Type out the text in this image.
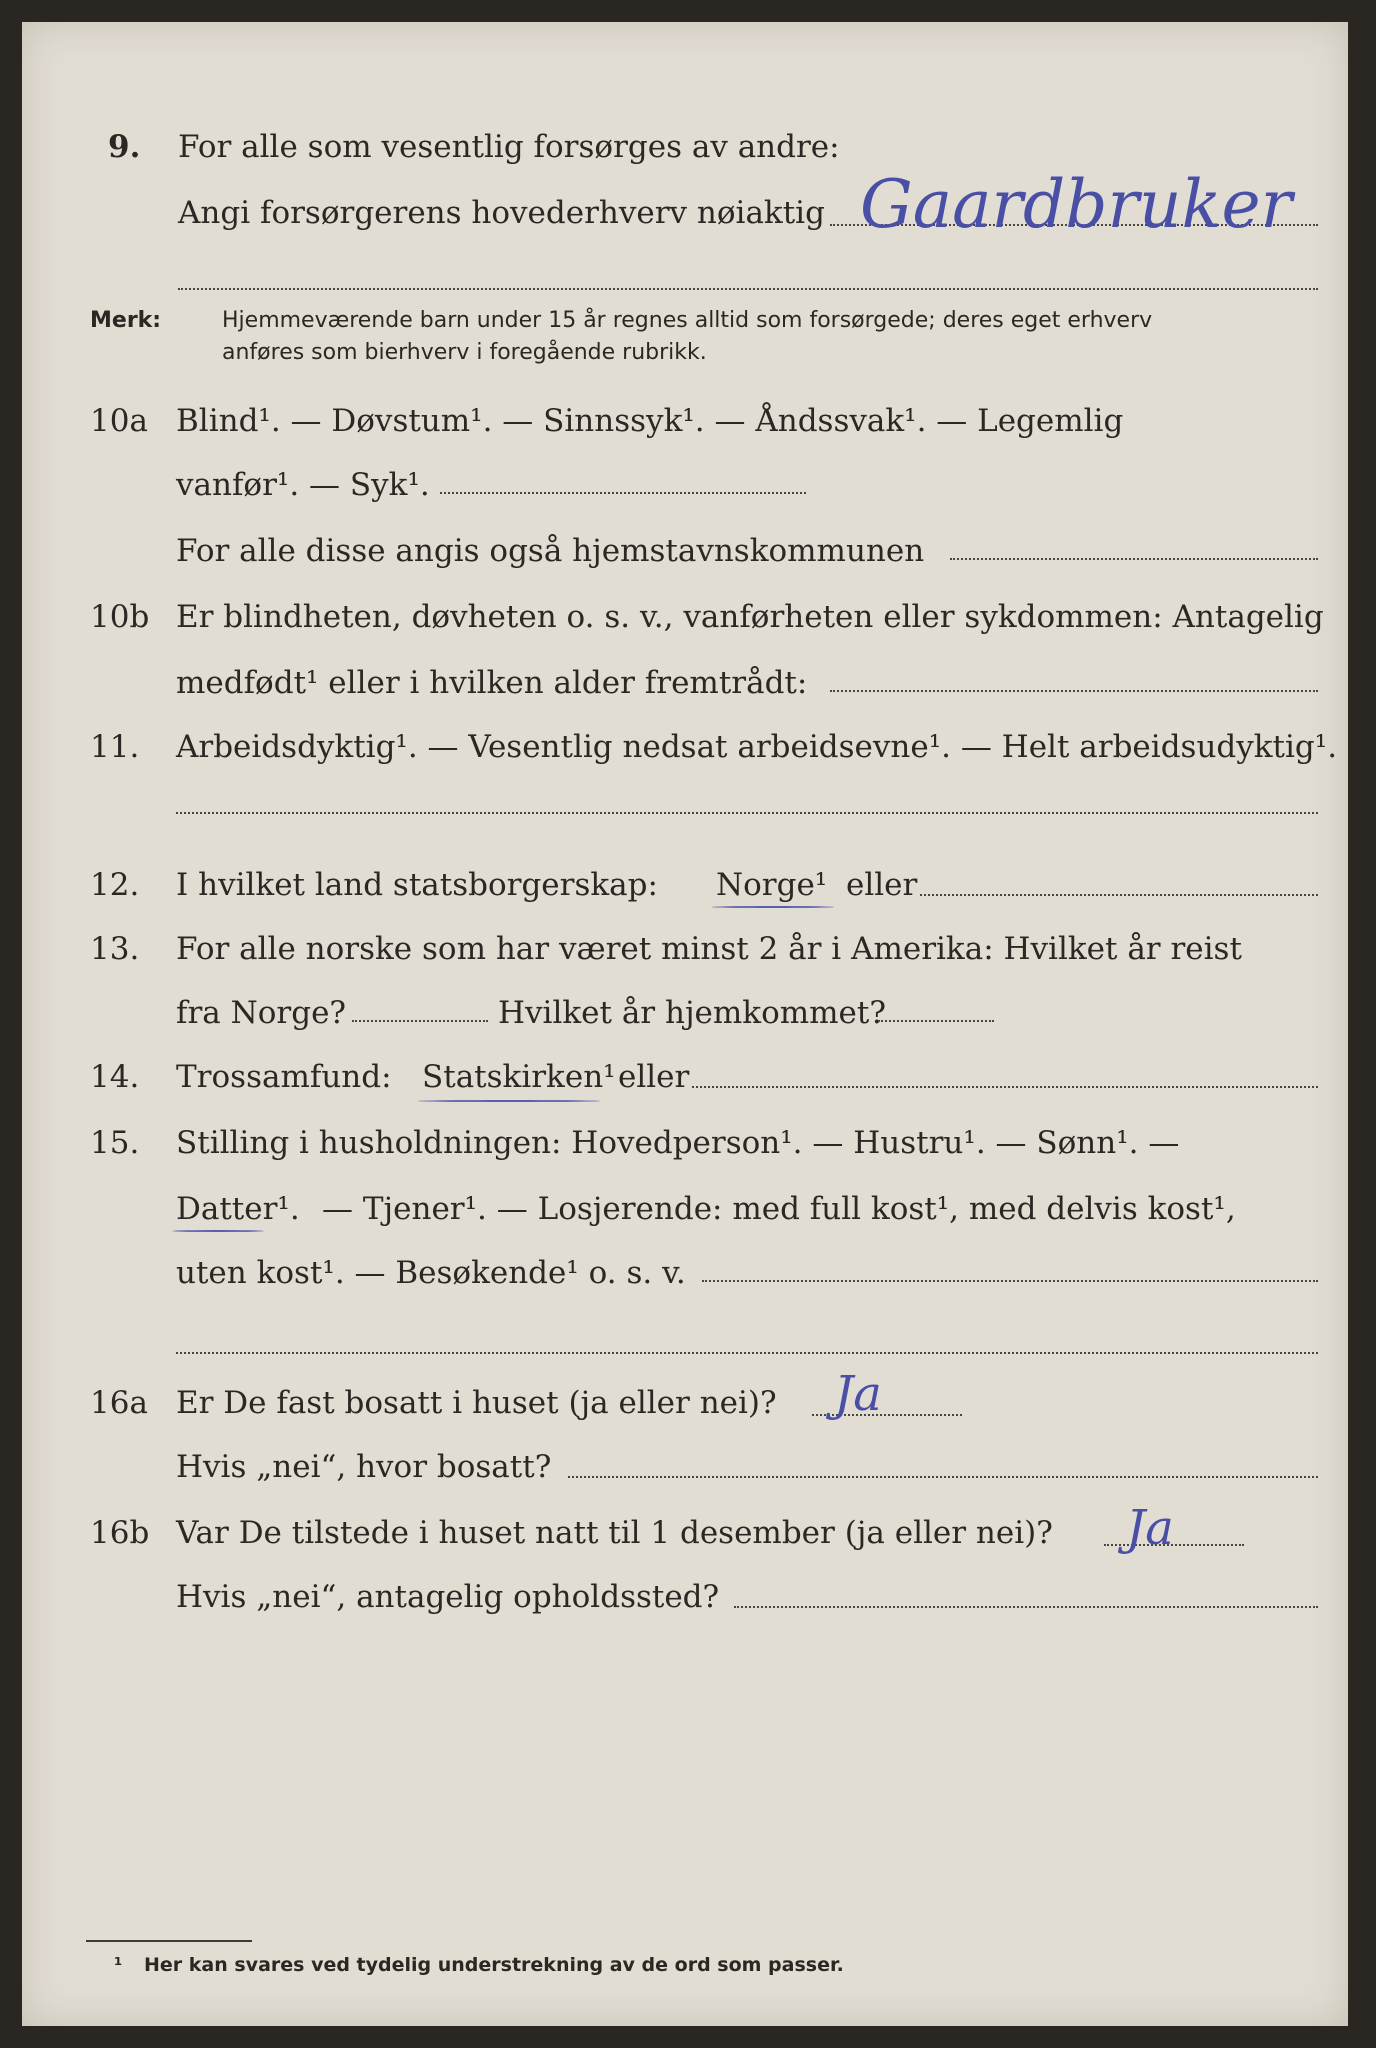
9. For alle som vesentlig forsørges av andre:
Angi forsørgerens hovederhverv nøiaktig Gaardbruker
Merk:	Hjemmeværende barn under 15 år regnes alltid som forsørgede; deres eget erhverv
anføres som bierhverv i foregående rubrikk.
10a Blind¹. — Døvstum¹. — Sinnssyk¹. — Åndssvak¹. — Legemlig
vanfør¹. — Syk¹.
For alle disse angis også hjemstavnskommunen
10b Er blindheten, døvheten o. s. v., vanførheten eller sykdommen: Antagelig
medfødt¹ eller i hvilken alder fremtrådt:
11. Arbeidsdyktig¹. — Vesentlig nedsat arbeidsevne¹. — Helt arbeidsudyktig¹.
12. I hvilket land statsborgerskap: Norge¹ eller
13. For alle norske som har været minst 2 år i Amerika: Hvilket år reist
fra Norge?	Hvilket år hjemkommet?
14. Trossamfund: Statskirken¹ eller
15. Stilling i husholdningen: Hovedperson¹. — Hustru¹. — Sønn¹. —
Datter¹. — Tjener¹. — Losjerende: med full kost¹, med delvis kost¹,
uten kost¹. — Besøkende¹ o. s. v.
16a Er De fast bosatt i huset (ja eller nei)? Ja
Hvis „nei“, hvor bosatt?
16b Var De tilstede i huset natt til 1 desember (ja eller nei)? Ja
Hvis „nei“, antagelig opholdssted?
¹ Her kan svares ved tydelig understrekning av de ord som passer.
